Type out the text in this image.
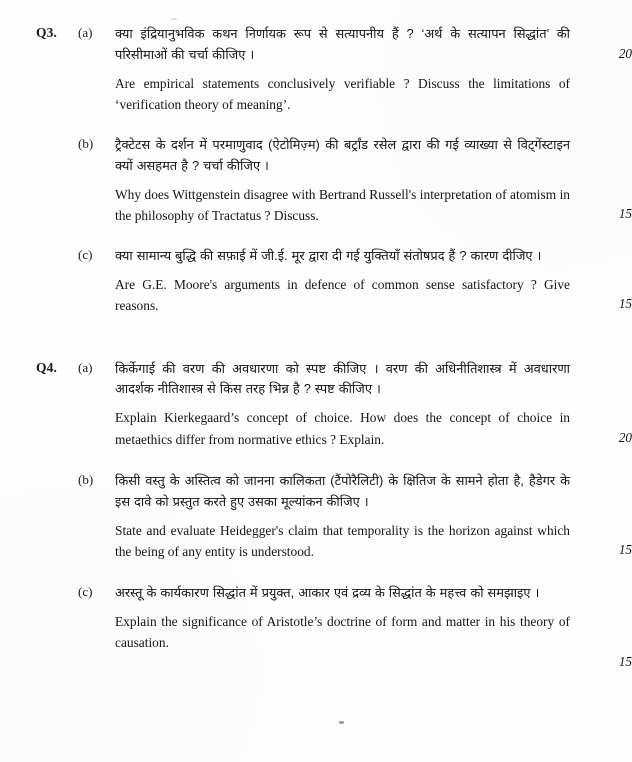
Q3.	(a)	क्या इंद्रियानुभविक कथन निर्णायक रूप से सत्यापनीय हैं ? ‘अर्थ के सत्यापन सिद्धांत’ की परिसीमाओं की चर्चा कीजिए ।
Are empirical statements conclusively verifiable ? Discuss the limitations of ‘verification theory of meaning’.
20
(b)	ट्रैक्टेटस के दर्शन में परमाणुवाद (ऐटोमिज़्म) की बर्ट्रांड रसेल द्वारा की गई व्याख्या से विट्गेंस्टाइन क्यों असहमत है ? चर्चा कीजिए ।
Why does Wittgenstein disagree with Bertrand Russell's interpretation of atomism in the philosophy of Tractatus ? Discuss.	15
(c)	क्या सामान्य बुद्धि की सफ़ाई में जी.ई. मूर द्वारा दी गई युक्तियाँ संतोषप्रद हैं ? कारण दीजिए ।
Are G.E. Moore's arguments in defence of common sense satisfactory ? Give reasons.	15
Q4.	(a)	किर्केगाई की वरण की अवधारणा को स्पष्ट कीजिए । वरण की अधिनीतिशास्त्र में अवधारणा आदर्शक नीतिशास्त्र से किस तरह भिन्न है ? स्पष्ट कीजिए ।
Explain Kierkegaard’s concept of choice. How does the concept of choice in metaethics differ from normative ethics ? Explain.	20
(b)	किसी वस्तु के अस्तित्व को जानना कालिकता (टैंपोरैलिटी) के क्षितिज के सामने होता है, हैडेगर के इस दावे को प्रस्तुत करते हुए उसका मूल्यांकन कीजिए ।
State and evaluate Heidegger's claim that temporality is the horizon against which the being of any entity is understood.	15
(c)	अरस्तू के कार्यकारण सिद्धांत में प्रयुक्त, आकार एवं द्रव्य के सिद्धांत के महत्त्व को समझाइए ।
Explain the significance of Aristotle’s doctrine of form and matter in his theory of causation.
15
